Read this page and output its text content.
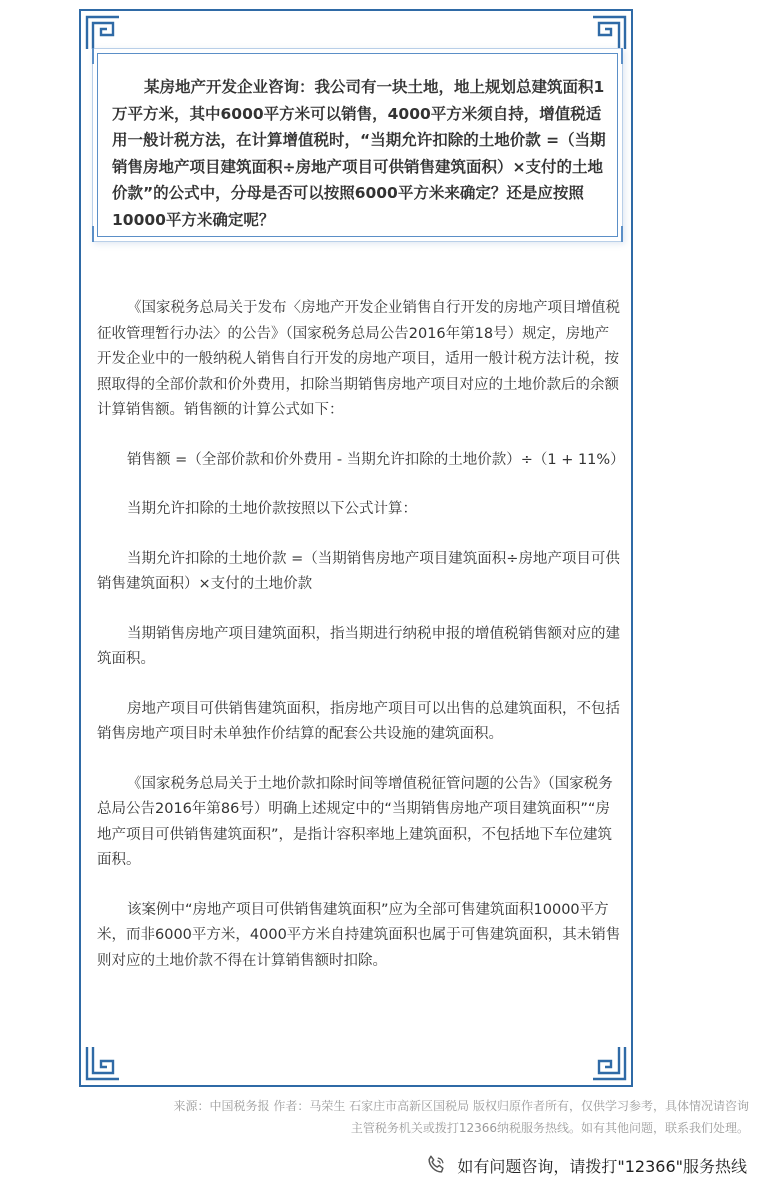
某房地产开发企业咨询：我公司有一块土地，地上规划总建筑面积1万平方米，其中6000平方米可以销售，4000平方米须自持，增值税适用一般计税方法，在计算增值税时，“当期允许扣除的土地价款 =（当期销售房地产项目建筑面积÷房地产项目可供销售建筑面积）×支付的土地价款”的公式中，分母是否可以按照6000平方米来确定？还是应按照10000平方米确定呢？

《国家税务总局关于发布〈房地产开发企业销售自行开发的房地产项目增值税征收管理暂行办法〉的公告》（国家税务总局公告2016年第18号）规定，房地产开发企业中的一般纳税人销售自行开发的房地产项目，适用一般计税方法计税，按照取得的全部价款和价外费用，扣除当期销售房地产项目对应的土地价款后的余额计算销售额。销售额的计算公式如下：

销售额 =（全部价款和价外费用 - 当期允许扣除的土地价款）÷（1 + 11%）

当期允许扣除的土地价款按照以下公式计算：

当期允许扣除的土地价款 =（当期销售房地产项目建筑面积÷房地产项目可供销售建筑面积）×支付的土地价款

当期销售房地产项目建筑面积，指当期进行纳税申报的增值税销售额对应的建筑面积。

房地产项目可供销售建筑面积，指房地产项目可以出售的总建筑面积，不包括销售房地产项目时未单独作价结算的配套公共设施的建筑面积。

《国家税务总局关于土地价款扣除时间等增值税征管问题的公告》（国家税务总局公告2016年第86号）明确上述规定中的“当期销售房地产项目建筑面积”“房地产项目可供销售建筑面积”，是指计容积率地上建筑面积，不包括地下车位建筑面积。

该案例中“房地产项目可供销售建筑面积”应为全部可售建筑面积10000平方米，而非6000平方米，4000平方米自持建筑面积也属于可售建筑面积，其未销售则对应的土地价款不得在计算销售额时扣除。

来源：中国税务报 作者：马荣生 石家庄市高新区国税局 版权归原作者所有，仅供学习参考，具体情况请咨询
主管税务机关或拨打12366纳税服务热线。如有其他问题，联系我们处理。
如有问题咨询，请拨打"12366"服务热线
